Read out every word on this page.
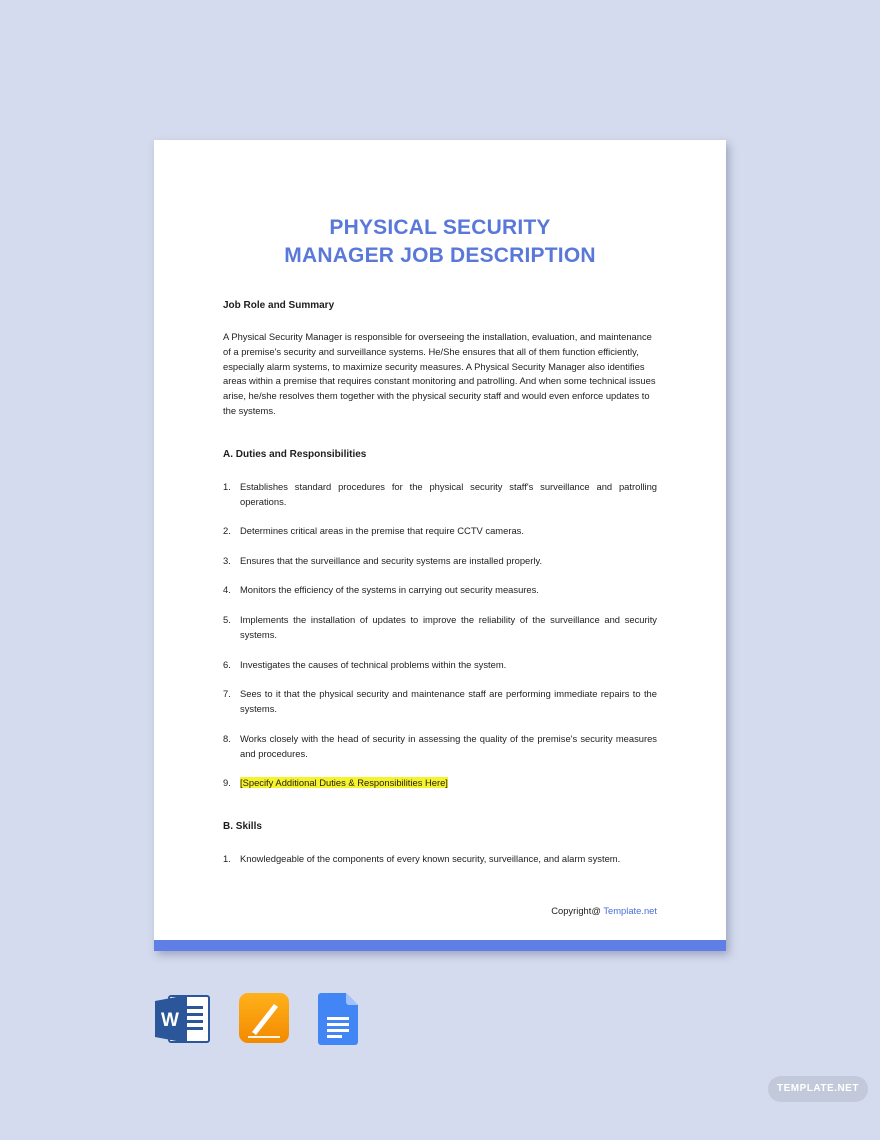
PHYSICAL SECURITY
MANAGER JOB DESCRIPTION
Job Role and Summary
A Physical Security Manager is responsible for overseeing the installation, evaluation, and maintenance of a premise's security and surveillance systems. He/She ensures that all of them function efficiently, especially alarm systems, to maximize security measures. A Physical Security Manager also identifies areas within a premise that requires constant monitoring and patrolling. And when some technical issues arise, he/she resolves them together with the physical security staff and would even enforce updates to the systems.
A. Duties and Responsibilities
1. Establishes standard procedures for the physical security staff's surveillance and patrolling operations.
2. Determines critical areas in the premise that require CCTV cameras.
3. Ensures that the surveillance and security systems are installed properly.
4. Monitors the efficiency of the systems in carrying out security measures.
5. Implements the installation of updates to improve the reliability of the surveillance and security systems.
6. Investigates the causes of technical problems within the system.
7. Sees to it that the physical security and maintenance staff are performing immediate repairs to the systems.
8. Works closely with the head of security in assessing the quality of the premise's security measures and procedures.
9. [Specify Additional Duties & Responsibilities Here]
B. Skills
1. Knowledgeable of the components of every known security, surveillance, and alarm system.
Copyright@ Template.net
W
TEMPLATE.NET
